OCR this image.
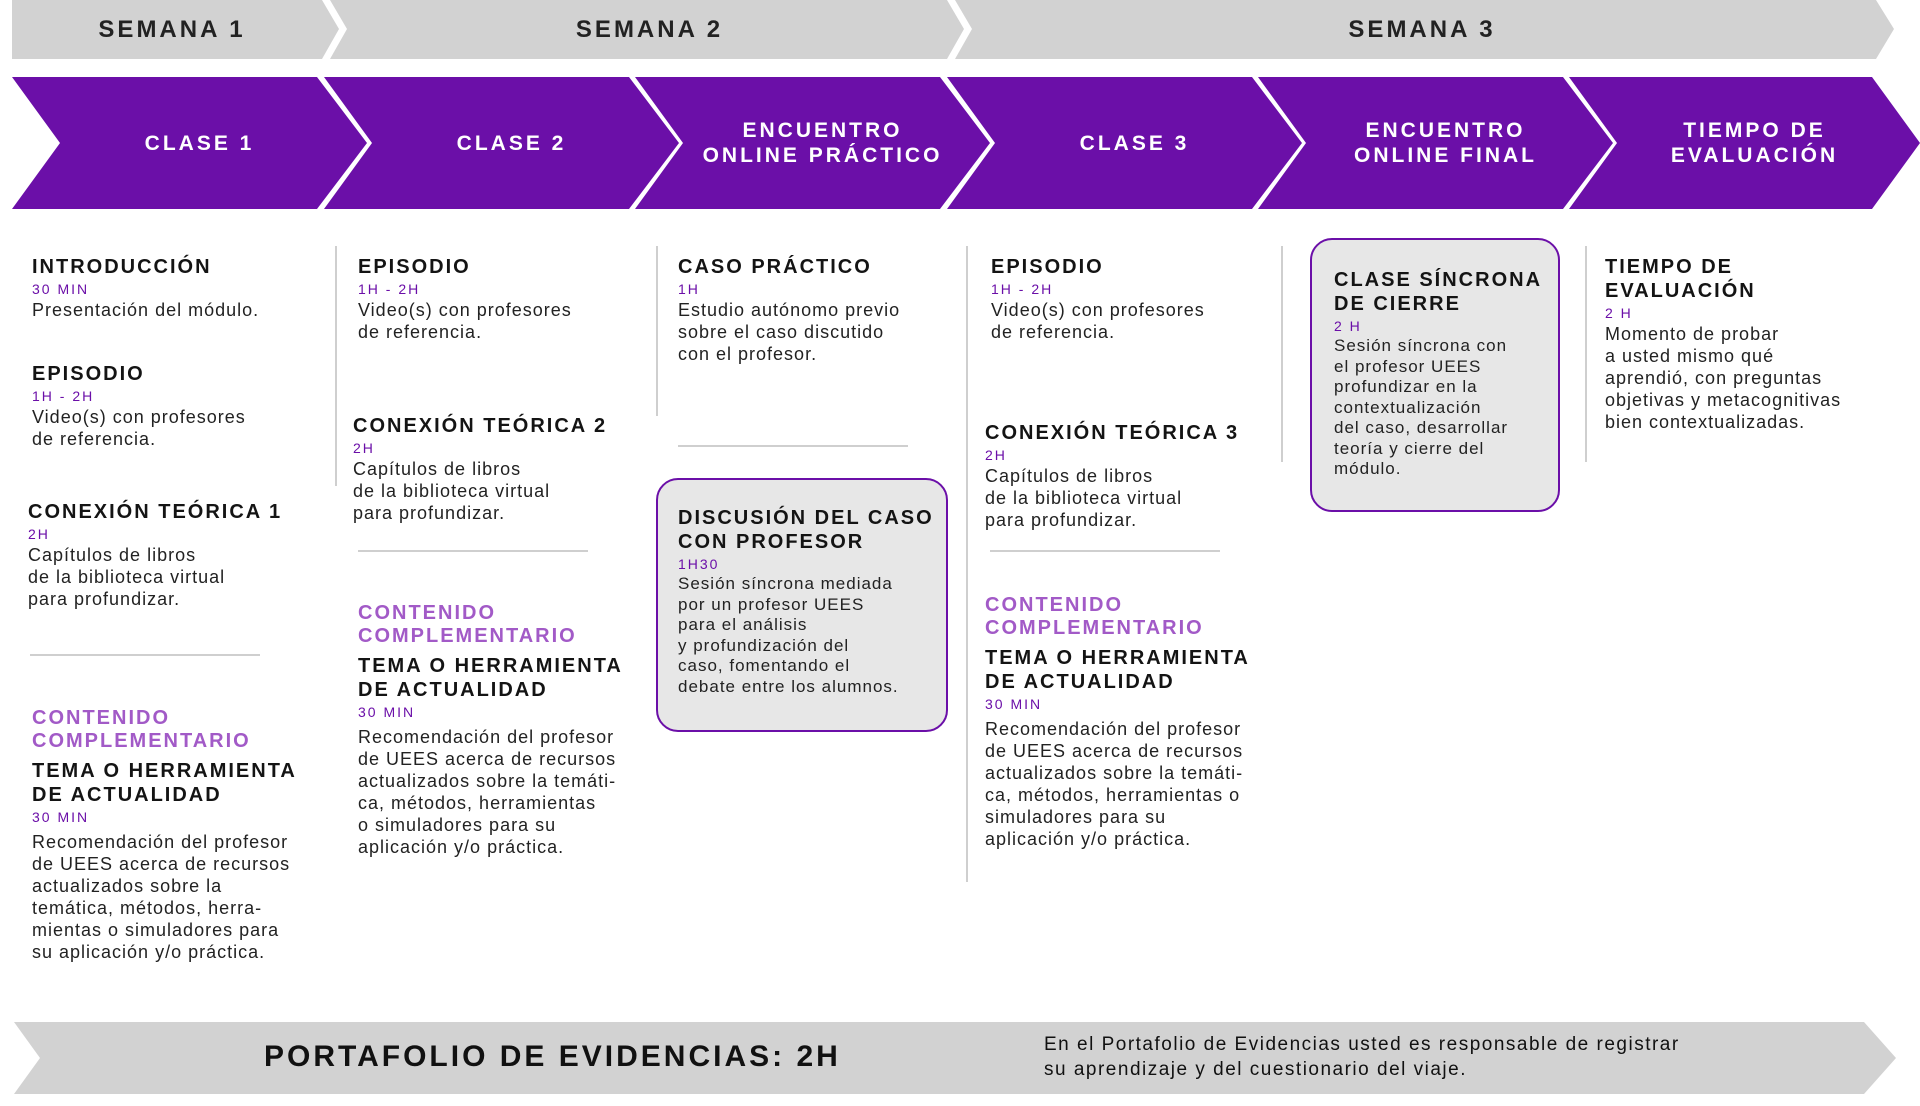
SEMANA 1	SEMANA 2	SEMANA 3
CLASE 1	CLASE 2
ENCUENTRO
ONLINE PRÁCTICO
CLASE 3
ENCUENTRO
ONLINE FINAL
TIEMPO DE
EVALUACIÓN
INTRODUCCIÓN
30 MIN
Presentación del módulo.
EPISODIO
1H - 2H
Video(s) con profesores
de referencia.
CONEXIÓN TEÓRICA 1
2H
Capítulos de libros
de la biblioteca virtual
para profundizar.
CONTENIDO
COMPLEMENTARIO
TEMA O HERRAMIENTA
DE ACTUALIDAD
30 MIN
Recomendación del profesor
de UEES acerca de recursos
actualizados sobre la
temática, métodos, herra-
mientas o simuladores para
su aplicación y/o práctica.
EPISODIO
1H - 2H
Video(s) con profesores
de referencia.
CONEXIÓN TEÓRICA 2
2H
Capítulos de libros
de la biblioteca virtual
para profundizar.
CONTENIDO
COMPLEMENTARIO
TEMA O HERRAMIENTA
DE ACTUALIDAD
30 MIN
Recomendación del profesor
de UEES acerca de recursos
actualizados sobre la temáti-
ca, métodos, herramientas
o simuladores para su
aplicación y/o práctica.
CASO PRÁCTICO
1H
Estudio autónomo previo
sobre el caso discutido
con el profesor.
DISCUSIÓN DEL CASO
CON PROFESOR
1H30
Sesión síncrona mediada
por un profesor UEES
para el análisis
y profundización del
caso, fomentando el
debate entre los alumnos.
EPISODIO
1H - 2H
Video(s) con profesores
de referencia.
CONEXIÓN TEÓRICA 3
2H
Capítulos de libros
de la biblioteca virtual
para profundizar.
CONTENIDO
COMPLEMENTARIO
TEMA O HERRAMIENTA
DE ACTUALIDAD
30 MIN
Recomendación del profesor
de UEES acerca de recursos
actualizados sobre la temáti-
ca, métodos, herramientas o
simuladores para su
aplicación y/o práctica.
CLASE SÍNCRONA
DE CIERRE
2 H
Sesión síncrona con
el profesor UEES
profundizar en la
contextualización
del caso, desarrollar
teoría y cierre del
módulo.
TIEMPO DE
EVALUACIÓN
2 H
Momento de probar
a usted mismo qué
aprendió, con preguntas
objetivas y metacognitivas
bien contextualizadas.
PORTAFOLIO DE EVIDENCIAS: 2H	En el Portafolio de Evidencias usted es responsable de registrar
su aprendizaje y del cuestionario del viaje.
